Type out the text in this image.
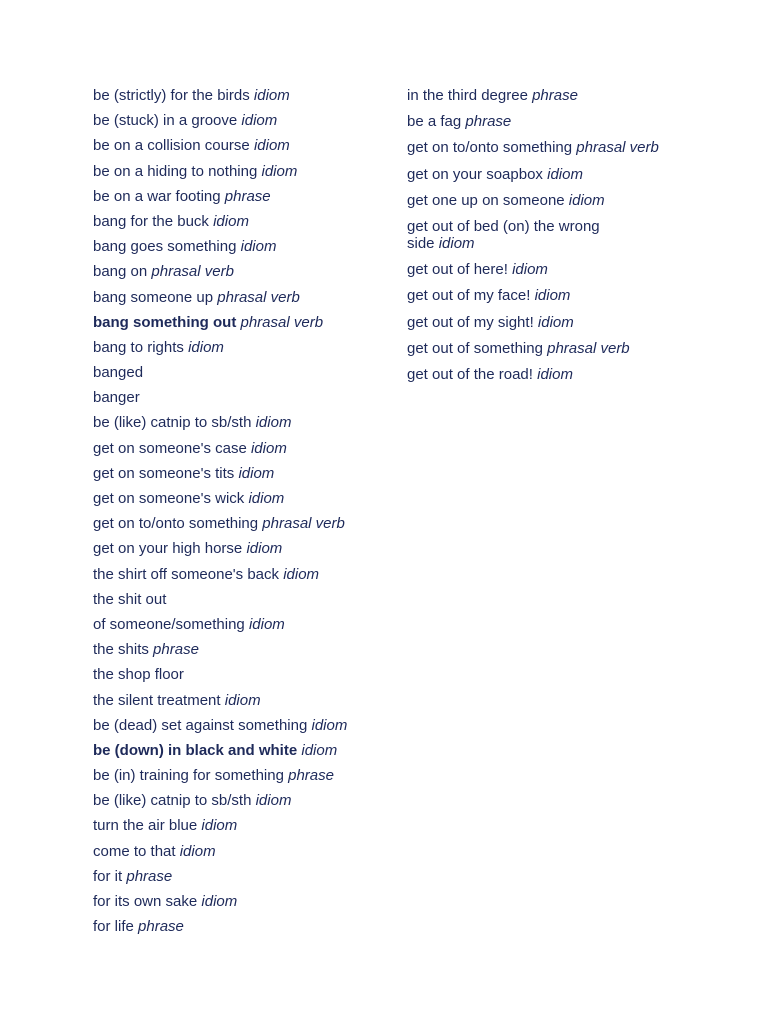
be (strictly) for the birds idiom

be (stuck) in a groove idiom

be on a collision course idiom

be on a hiding to nothing idiom

be on a war footing phrase

bang for the buck idiom

bang goes something idiom

bang on phrasal verb

bang someone up phrasal verb

bang something out phrasal verb

bang to rights idiom

banged

banger

be (like) catnip to sb/sth idiom

get on someone's case idiom

get on someone's tits idiom

get on someone's wick idiom

get on to/onto something phrasal verb

get on your high horse idiom

the shirt off someone's back idiom

the shit out

of someone/something idiom

the shits phrase

the shop floor

the silent treatment idiom

be (dead) set against something idiom

be (down) in black and white idiom

be (in) training for something phrase

be (like) catnip to sb/sth idiom

turn the air blue idiom

come to that idiom

for it phrase

for its own sake idiom

for life phrase

in the third degree phrase

be a fag phrase

get on to/onto something phrasal verb

get on your soapbox idiom

get one up on someone idiom

get out of bed (on) the wrong side idiom

get out of here! idiom

get out of my face! idiom

get out of my sight! idiom

get out of something phrasal verb

get out of the road! idiom
